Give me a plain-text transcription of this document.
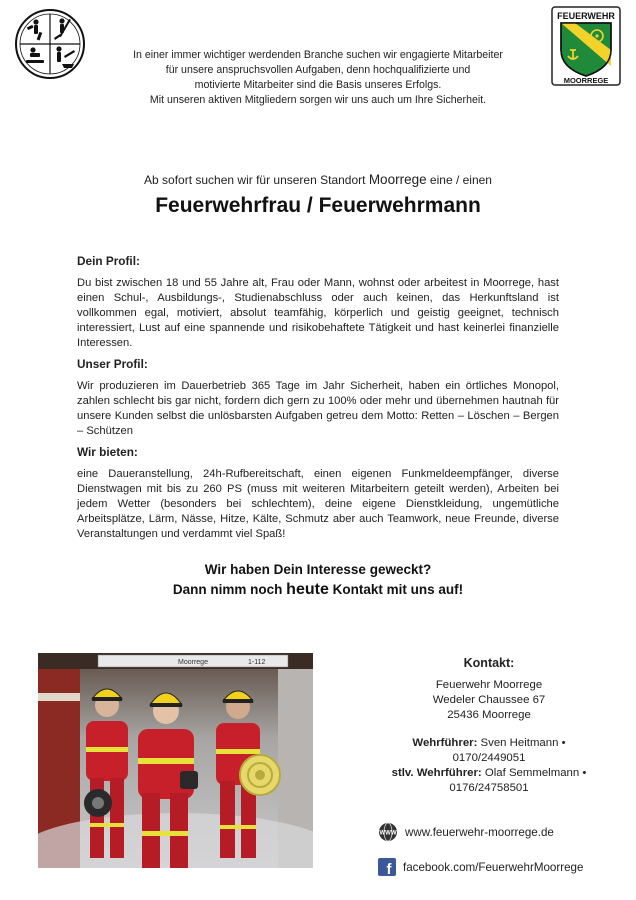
FEUERWEHR
MOORREGE

In einer immer wichtiger werdenden Branche suchen wir engagierte Mitarbeiter

für unsere anspruchsvollen Aufgaben, denn hochqualifizierte und

motivierte Mitarbeiter sind die Basis unseres Erfolgs.

Mit unseren aktiven Mitgliedern sorgen wir uns auch um Ihre Sicherheit.

Ab sofort suchen wir für unseren Standort Moorrege eine / einen
Feuerwehrfrau / Feuerwehrmann
Dein Profil:

Du bist zwischen 18 und 55 Jahre alt, Frau oder Mann, wohnst oder arbeitest in Moorrege, hast einen Schul-, Ausbildungs-, Studienabschluss oder auch keinen, das Herkunftsland ist vollkommen egal, motiviert, absolut teamfähig, körperlich und geistig geeignet, technisch interessiert, Lust auf eine spannende und risikobehaftete Tätigkeit und hast keinerlei finanzielle Interessen.

Unser Profil:

Wir produzieren im Dauerbetrieb 365 Tage im Jahr Sicherheit, haben ein örtliches Monopol, zahlen schlecht bis gar nicht, fordern dich gern zu 100% oder mehr und übernehmen hautnah für unsere Kunden selbst die unlösbarsten Aufgaben getreu dem Motto: Retten – Löschen – Bergen – Schützen

Wir bieten:

eine Daueranstellung, 24h-Rufbereitschaft, einen eigenen Funkmeldeempfänger, diverse Dienstwagen mit bis zu 260 PS (muss mit weiteren Mitarbeitern geteilt werden), Arbeiten bei jedem Wetter (besonders bei schlechtem), deine eigene Dienstkleidung, ungemütliche Arbeitsplätze, Lärm, Nässe, Hitze, Kälte, Schmutz aber auch Teamwork, neue Freunde, diverse Veranstaltungen und verdammt viel Spaß!

Wir haben Dein Interesse geweckt?
Dann nimm noch heute Kontakt mit uns auf!
Moorrege	1-112	Kontakt:
Feuerwehr Moorrege
Wedeler Chaussee 67
25436 Moorrege
Wehrführer: Sven Heitmann •
0170/2449051
stlv. Wehrführer: Olaf Semmelmann •
0176/24758501
WWW www.feuerwehr-moorrege.de
f facebook.com/FeuerwehrMoorrege
